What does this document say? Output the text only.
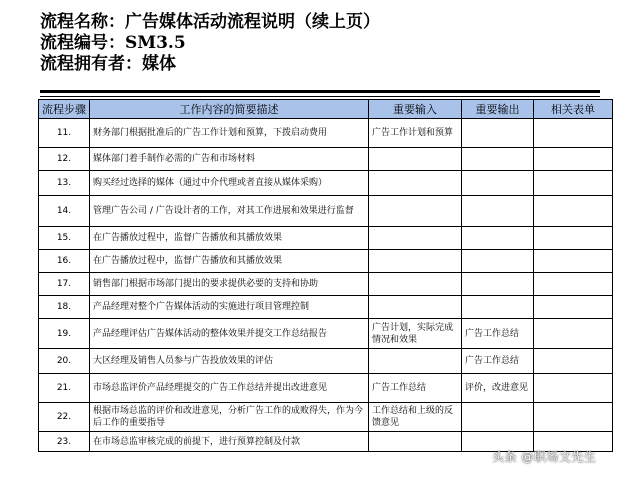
流程名称：广告媒体活动流程说明（续上页）
流程编号：SM3.5
流程拥有者：媒体
流程步骤	工作内容的简要描述	重要输入	重要输出	相关表单
11.	财务部门根据批准后的广告工作计划和预算，下拨启动费用	广告工作计划和预算		
12.	媒体部门着手制作必需的广告和市场材料			
13.	购买经过选择的媒体（通过中介代理或者直接从媒体采购）			
14.	管理广告公司 / 广告设计者的工作，对其工作进展和效果进行监督			
15.	在广告播放过程中，监督广告播放和其播放效果			
16.	在广告播放过程中，监督广告播放和其播放效果			
17.	销售部门根据市场部门提出的要求提供必要的支持和协助			
18.	产品经理对整个广告媒体活动的实施进行项目管理控制			
19.	产品经理评估广告媒体活动的整体效果并提交工作总结报告	广告计划，实际完成情况和效果	广告工作总结	
20.	大区经理及销售人员参与广告投放效果的评估		广告工作总结	
21.	市场总监评价产品经理提交的广告工作总结并提出改进意见	广告工作总结	评价，改进意见	
22.	根据市场总监的评价和改进意见，分析广告工作的成败得失，作为今后工作的重要指导	工作总结和上级的反馈意见		
23.	在市场总监审核完成的前提下，进行预算控制及付款			
头条 @职场文先生
